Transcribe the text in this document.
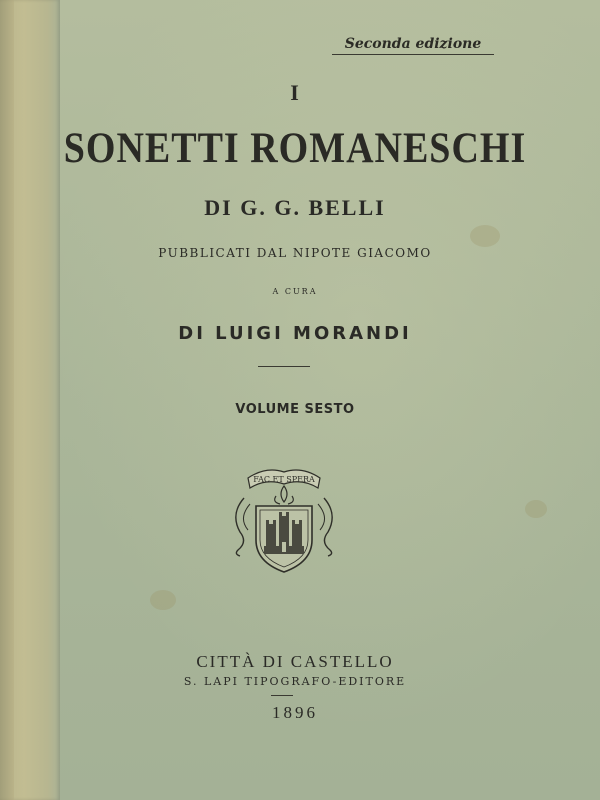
Seconda edizione
I
SONETTI ROMANESCHI
DI G. G. BELLI
PUBBLICATI DAL NIPOTE GIACOMO
A CURA
DI LUIGI MORANDI
VOLUME SESTO
FAC ET SPERA
CITTÀ DI CASTELLO
S. LAPI TIPOGRAFO-EDITORE
1896
